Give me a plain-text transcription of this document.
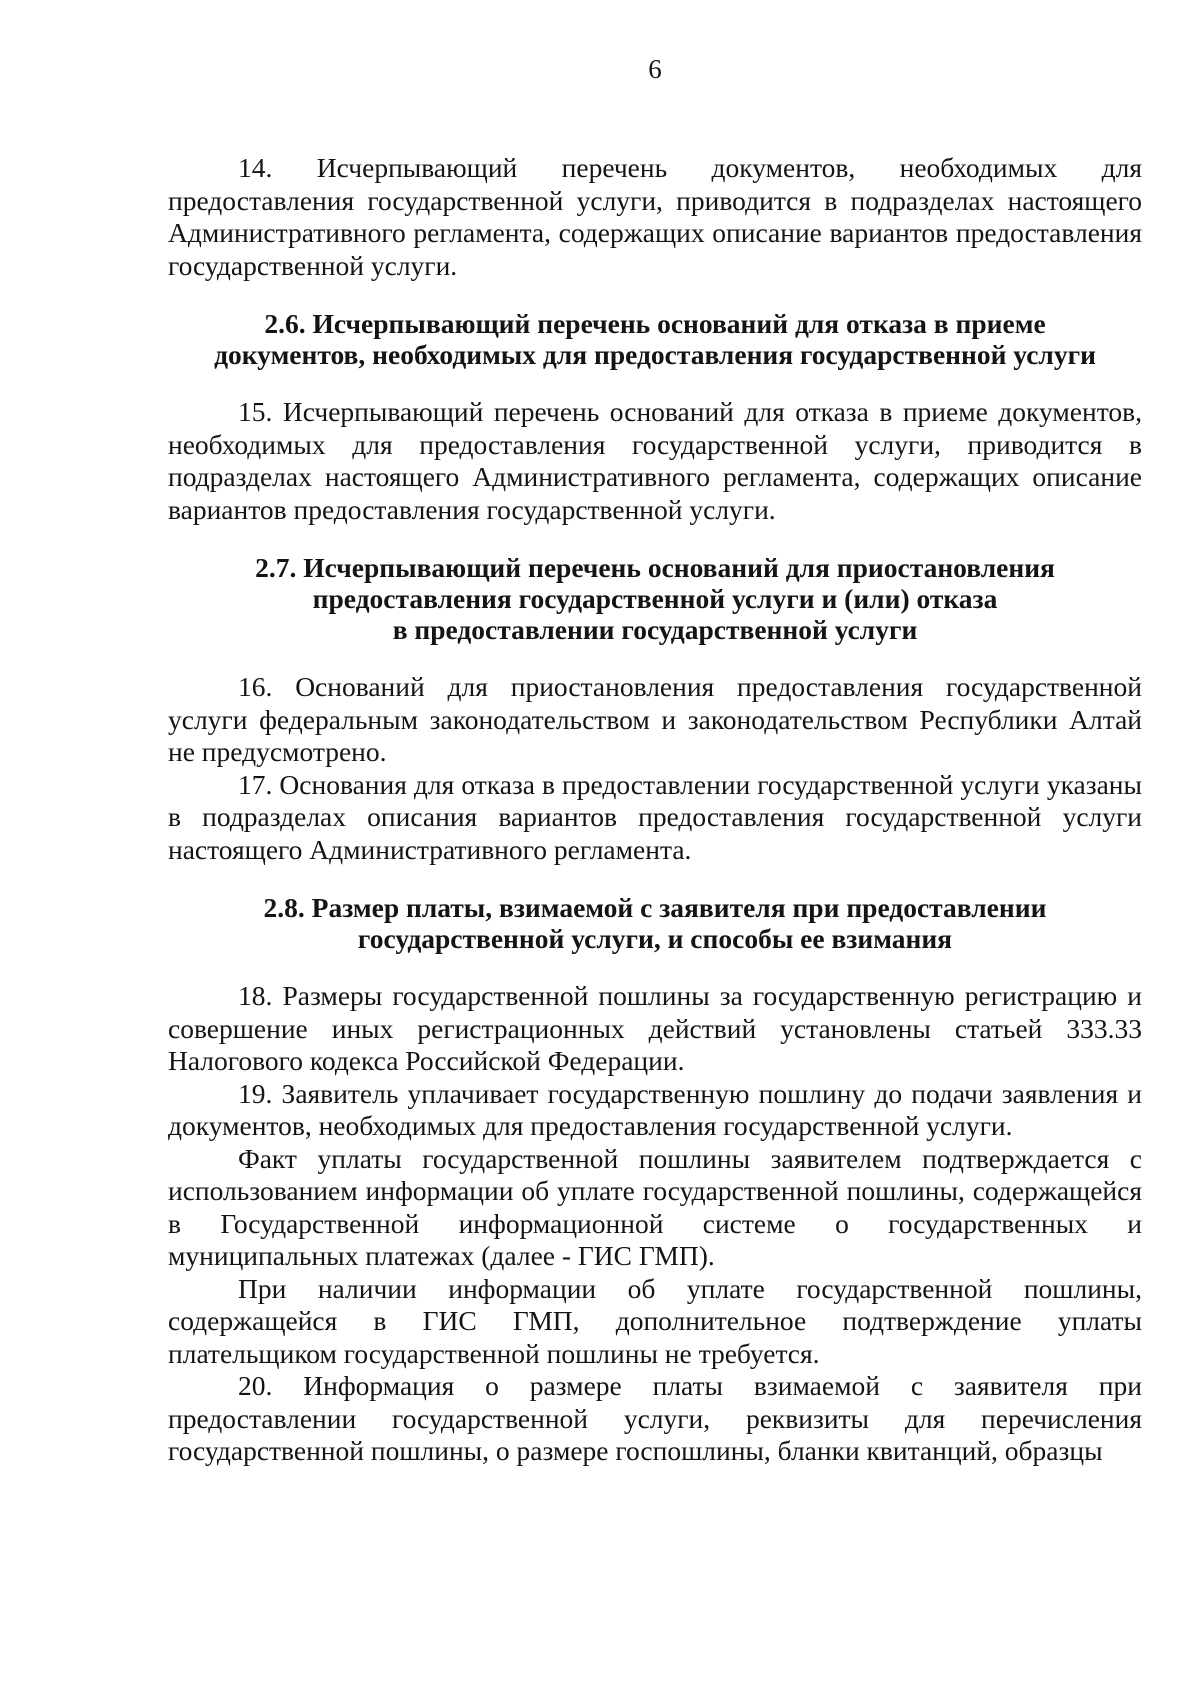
6

14. Исчерпывающий перечень документов, необходимых для предоставления государственной услуги, приводится в подразделах настоящего Административного регламента, содержащих описание вариантов предоставления государственной услуги.

2.6. Исчерпывающий перечень оснований для отказа в приеме
документов, необходимых для предоставления государственной услуги

15. Исчерпывающий перечень оснований для отказа в приеме документов, необходимых для предоставления государственной услуги, приводится в подразделах настоящего Административного регламента, содержащих описание вариантов предоставления государственной услуги.

2.7. Исчерпывающий перечень оснований для приостановления
предоставления государственной услуги и (или) отказа
в предоставлении государственной услуги

16. Оснований для приостановления предоставления государственной услуги федеральным законодательством и законодательством Республики Алтай не предусмотрено.

17. Основания для отказа в предоставлении государственной услуги указаны в подразделах описания вариантов предоставления государственной услуги настоящего Административного регламента.

2.8. Размер платы, взимаемой с заявителя при предоставлении
государственной услуги, и способы ее взимания

18. Размеры государственной пошлины за государственную регистрацию и совершение иных регистрационных действий установлены статьей 333.33 Налогового кодекса Российской Федерации.

19. Заявитель уплачивает государственную пошлину до подачи заявления и документов, необходимых для предоставления государственной услуги.

Факт уплаты государственной пошлины заявителем подтверждается с использованием информации об уплате государственной пошлины, содержащейся в Государственной информационной системе о государственных и муниципальных платежах (далее - ГИС ГМП).

При наличии информации об уплате государственной пошлины, содержащейся в ГИС ГМП, дополнительное подтверждение уплаты плательщиком государственной пошлины не требуется.

20. Информация о размере платы взимаемой с заявителя при предоставлении государственной услуги, реквизиты для перечисления государственной пошлины, о размере госпошлины, бланки квитанций, образцы
